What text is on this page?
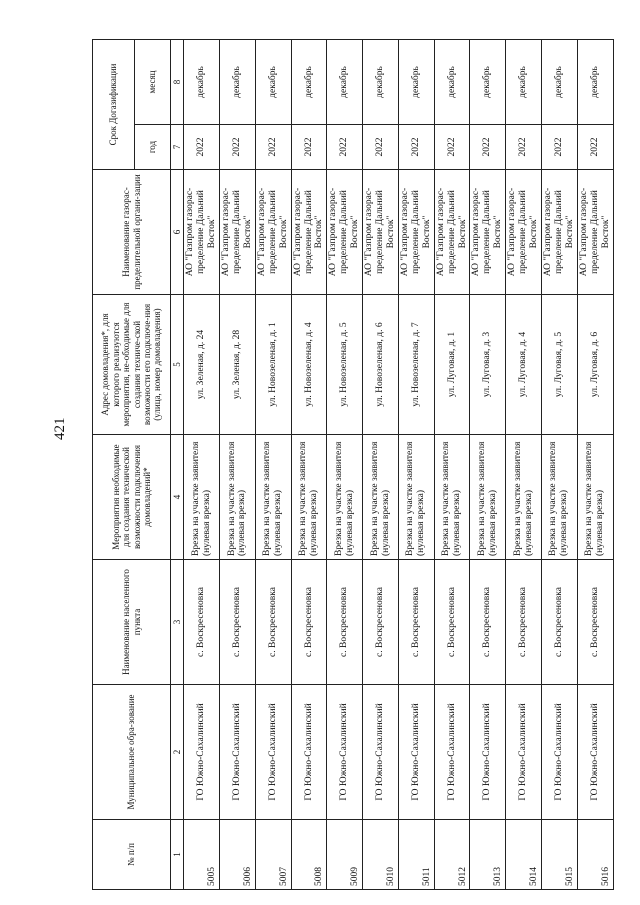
421
№ п/п	Муниципальное обра-зование	Наименование населенного пункта	Мероприятия необходимые для создания технической возможности подключения домовладений*	Адрес домовладения*, для которого реализуются мероприятия, не-обходимые для создания техниче-ской возможности его подключе-ния (улица, номер домовладения)	Наименование газорас-пределительной органи-зации	Срок Догазификации	
						год	месяц
1	2	3	4	5	6	7	8
5005	ГО Южно-Сахалинский	с. Воскресеновка	Врезка на участке заявителя (нулевая врезка)	ул. Зеленая, д. 24	АО "Газпром газорас-пределение Дальний Восток"	2022	декабрь
5006	ГО Южно-Сахалинский	с. Воскресеновка	Врезка на участке заявителя (нулевая врезка)	ул. Зеленая, д. 28	АО "Газпром газорас-пределение Дальний Восток"	2022	декабрь
5007	ГО Южно-Сахалинский	с. Воскресеновка	Врезка на участке заявителя (нулевая врезка)	ул. Новозеленая, д. 1	АО "Газпром газорас-пределение Дальний Восток"	2022	декабрь
5008	ГО Южно-Сахалинский	с. Воскресеновка	Врезка на участке заявителя (нулевая врезка)	ул. Новозеленая, д. 4	АО "Газпром газорас-пределение Дальний Восток"	2022	декабрь
5009	ГО Южно-Сахалинский	с. Воскресеновка	Врезка на участке заявителя (нулевая врезка)	ул. Новозеленая, д. 5	АО "Газпром газорас-пределение Дальний Восток"	2022	декабрь
5010	ГО Южно-Сахалинский	с. Воскресеновка	Врезка на участке заявителя (нулевая врезка)	ул. Новозеленая, д. 6	АО "Газпром газорас-пределение Дальний Восток"	2022	декабрь
5011	ГО Южно-Сахалинский	с. Воскресеновка	Врезка на участке заявителя (нулевая врезка)	ул. Новозеленая, д. 7	АО "Газпром газорас-пределение Дальний Восток"	2022	декабрь
5012	ГО Южно-Сахалинский	с. Воскресеновка	Врезка на участке заявителя (нулевая врезка)	ул. Луговая, д. 1	АО "Газпром газорас-пределение Дальний Восток"	2022	декабрь
5013	ГО Южно-Сахалинский	с. Воскресеновка	Врезка на участке заявителя (нулевая врезка)	ул. Луговая, д. 3	АО "Газпром газорас-пределение Дальний Восток"	2022	декабрь
5014	ГО Южно-Сахалинский	с. Воскресеновка	Врезка на участке заявителя (нулевая врезка)	ул. Луговая, д. 4	АО "Газпром газорас-пределение Дальний Восток"	2022	декабрь
5015	ГО Южно-Сахалинский	с. Воскресеновка	Врезка на участке заявителя (нулевая врезка)	ул. Луговая, д. 5	АО "Газпром газорас-пределение Дальний Восток"	2022	декабрь
5016	ГО Южно-Сахалинский	с. Воскресеновка	Врезка на участке заявителя (нулевая врезка)	ул. Луговая, д. 6	АО "Газпром газорас-пределение Дальний Восток"	2022	декабрь
